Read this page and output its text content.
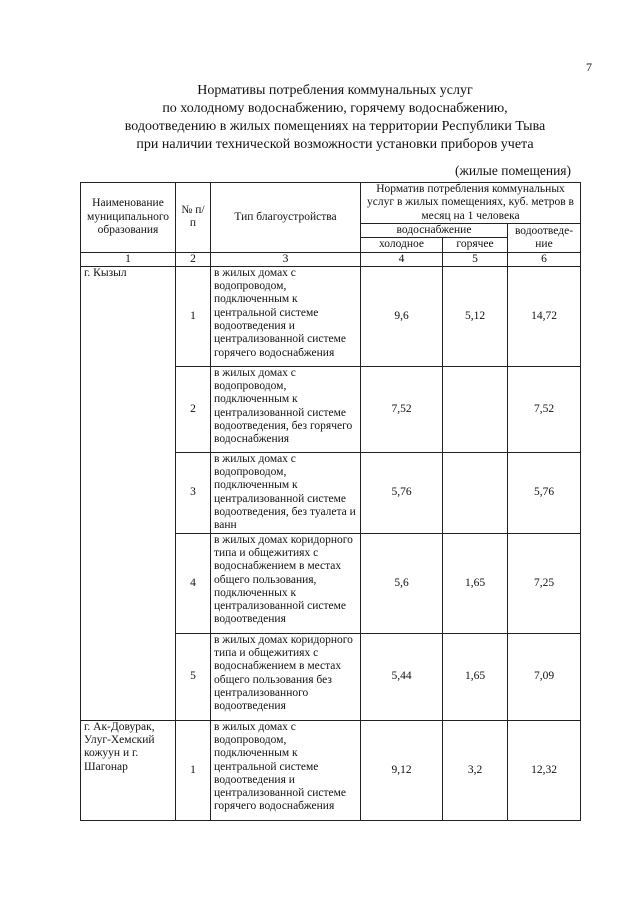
7
Нормативы потребления коммунальных услуг
по холодному водоснабжению, горячему водоснабжению,
водоотведению в жилых помещениях на территории Республики Тыва
при наличии технической возможности установки приборов учета
(жилые помещения)
Наименование муниципального образования	№ п/п	Тип благоустройства	Норматив потребления коммунальных услуг в жилых помещениях, куб. метров в месяц на 1 человека		
			водоснабжение		водоотведе-ние
			холодное	горячее	
1	2	3	4	5	6
г. Кызыл	1	в жилых домах с водопроводом, подключенным к центральной системе водоотведения и централизованной системе горячего водоснабжения	9,6	5,12	14,72
	2	в жилых домах с водопроводом, подключенным к централизованной системе водоотведения, без горячего водоснабжения	7,52		7,52
	3	в жилых домах с водопроводом, подключенным к централизованной системе водоотведения, без туалета и ванн	5,76		5,76
	4	в жилых домах коридорного типа и общежитиях с водоснабжением в местах общего пользования, подключенных к централизованной системе водоотведения	5,6	1,65	7,25
	5	в жилых домах коридорного типа и общежитиях с водоснабжением в местах общего пользования без централизованного водоотведения	5,44	1,65	7,09
г. Ак-Довурак, Улуг-Хемский кожуун и г. Шагонар	1	в жилых домах с водопроводом, подключенным к центральной системе водоотведения и централизованной системе горячего водоснабжения	9,12	3,2	12,32
